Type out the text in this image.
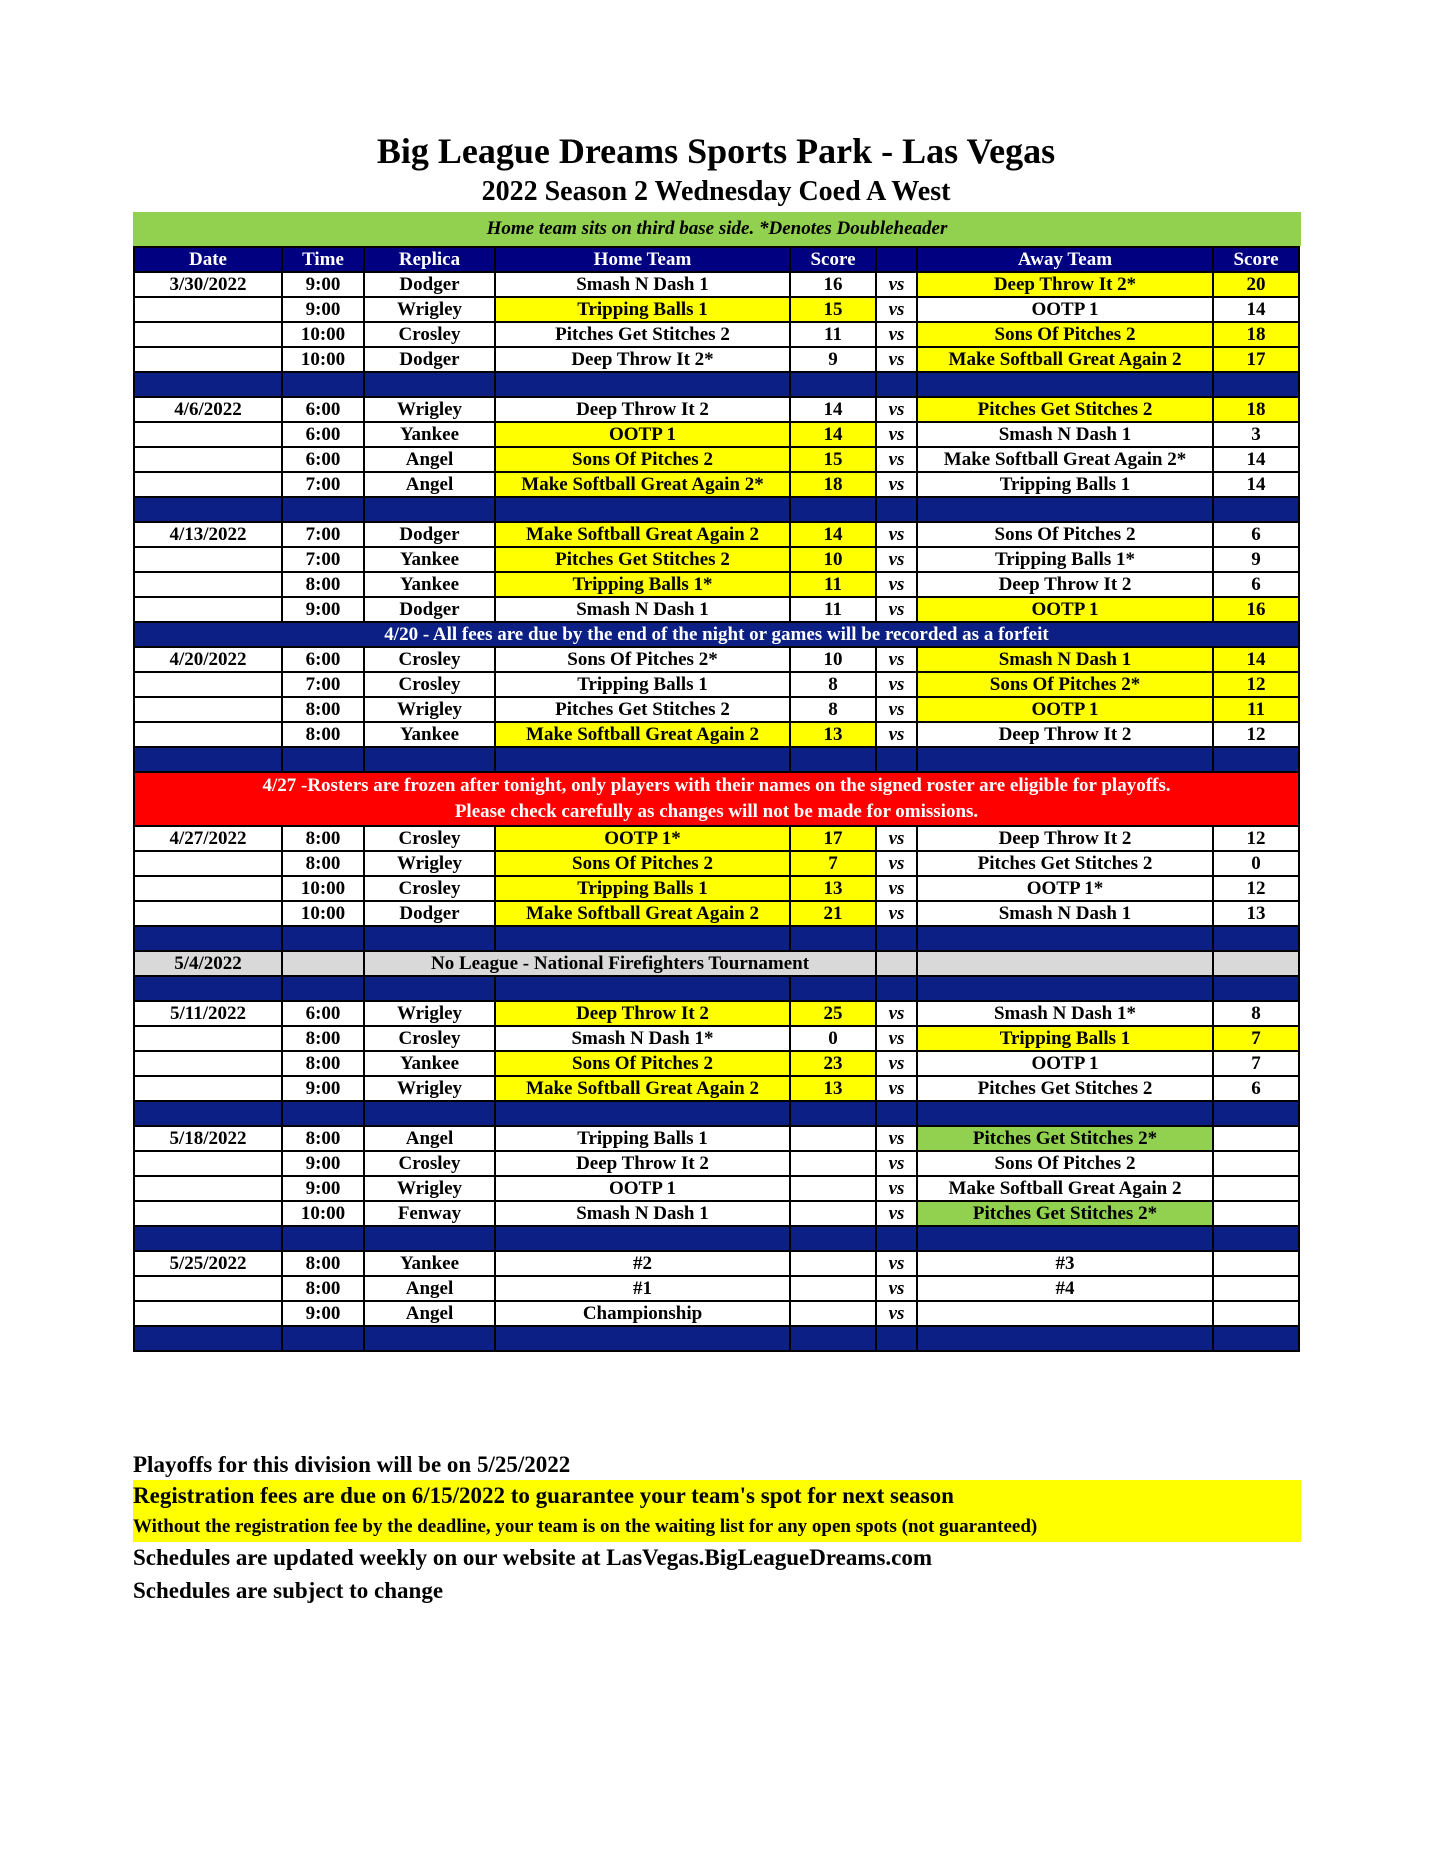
Big League Dreams Sports Park - Las Vegas
2022 Season 2 Wednesday Coed A West
Home team sits on third base side. *Denotes Doubleheader
Date	Time	Replica	Home Team	Score		Away Team	Score
3/30/2022	9:00	Dodger	Smash N Dash 1	16	vs	Deep Throw It 2*	20
	9:00	Wrigley	Tripping Balls 1	15	vs	OOTP 1	14
	10:00	Crosley	Pitches Get Stitches 2	11	vs	Sons Of Pitches 2	18
	10:00	Dodger	Deep Throw It 2*	9	vs	Make Softball Great Again 2	17

4/6/2022	6:00	Wrigley	Deep Throw It 2	14	vs	Pitches Get Stitches 2	18
	6:00	Yankee	OOTP 1	14	vs	Smash N Dash 1	3
	6:00	Angel	Sons Of Pitches 2	15	vs	Make Softball Great Again 2*	14
	7:00	Angel	Make Softball Great Again 2*	18	vs	Tripping Balls 1	14

4/13/2022	7:00	Dodger	Make Softball Great Again 2	14	vs	Sons Of Pitches 2	6
	7:00	Yankee	Pitches Get Stitches 2	10	vs	Tripping Balls 1*	9
	8:00	Yankee	Tripping Balls 1*	11	vs	Deep Throw It 2	6
	9:00	Dodger	Smash N Dash 1	11	vs	OOTP 1	16
4/20 - All fees are due by the end of the night or games will be recorded as a forfeit							
4/20/2022	6:00	Crosley	Sons Of Pitches 2*	10	vs	Smash N Dash 1	14
	7:00	Crosley	Tripping Balls 1	8	vs	Sons Of Pitches 2*	12
	8:00	Wrigley	Pitches Get Stitches 2	8	vs	OOTP 1	11
	8:00	Yankee	Make Softball Great Again 2	13	vs	Deep Throw It 2	12

4/27 -Rosters are frozen after tonight, only players with their names on the signed roster are eligible for playoffs.
Please check carefully as changes will not be made for omissions.							

4/27/2022	8:00	Crosley	OOTP 1*	17	vs	Deep Throw It 2	12
	8:00	Wrigley	Sons Of Pitches 2	7	vs	Pitches Get Stitches 2	0
	10:00	Crosley	Tripping Balls 1	13	vs	OOTP 1*	12
	10:00	Dodger	Make Softball Great Again 2	21	vs	Smash N Dash 1	13

5/4/2022		No League - National Firefighters Tournament					

5/11/2022	6:00	Wrigley	Deep Throw It 2	25	vs	Smash N Dash 1*	8
	8:00	Crosley	Smash N Dash 1*	0	vs	Tripping Balls 1	7
	8:00	Yankee	Sons Of Pitches 2	23	vs	OOTP 1	7
	9:00	Wrigley	Make Softball Great Again 2	13	vs	Pitches Get Stitches 2	6

5/18/2022	8:00	Angel	Tripping Balls 1		vs	Pitches Get Stitches 2*	
	9:00	Crosley	Deep Throw It 2		vs	Sons Of Pitches 2	
	9:00	Wrigley	OOTP 1		vs	Make Softball Great Again 2	
	10:00	Fenway	Smash N Dash 1		vs	Pitches Get Stitches 2*	

5/25/2022	8:00	Yankee	#2		vs	#3	
	8:00	Angel	#1		vs	#4	
	9:00	Angel	Championship		vs		

Playoffs for this division will be on 5/25/2022

Registration fees are due on 6/15/2022 to guarantee your team's spot for next season

Without the registration fee by the deadline, your team is on the waiting list for any open spots (not guaranteed)

Schedules are updated weekly on our website at LasVegas.BigLeagueDreams.com

Schedules are subject to change
